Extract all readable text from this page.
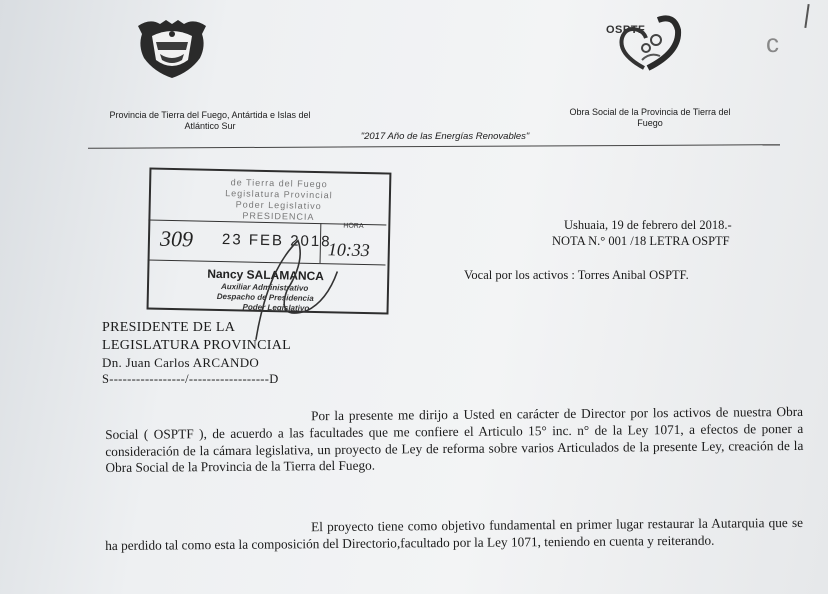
OSPTF
Provincia de Tierra del Fuego, Antártida e Islas del Atlántico Sur
Obra Social de la Provincia de Tierra del Fuego
"2017 Año de las Energías Renovables"
de Tierra del Fuego
Legislatura Provincial
Poder Legislativo
PRESIDENCIA
309 23 FEB 2018
HORA
10:33
Nancy SALAMANCA
Auxiliar Administrativo
Despacho de Presidencia
Poder Legislativo
Ushuaia, 19 de febrero del 2018.-
NOTA N.° 001 /18 LETRA OSPTF
Vocal por los activos : Torres Anibal OSPTF.
PRESIDENTE DE LA
LEGISLATURA PROVINCIAL
Dn. Juan Carlos ARCANDO
S-----------------/------------------D
Por la presente me dirijo a Usted en carácter de Director por los activos de nuestra Obra Social ( OSPTF ), de acuerdo a las facultades que me confiere el Articulo 15° inc. n° de la Ley 1071, a efectos de poner a consideración de la cámara legislativa, un proyecto de Ley de reforma sobre varios Articulados de la presente Ley, creación de la Obra Social de la Provincia de la Tierra del Fuego.
El proyecto tiene como objetivo fundamental en primer lugar restaurar la Autarquia que se ha perdido tal como esta la composición del Directorio,facultado por la Ley 1071, teniendo en cuenta y reiterando.
c
